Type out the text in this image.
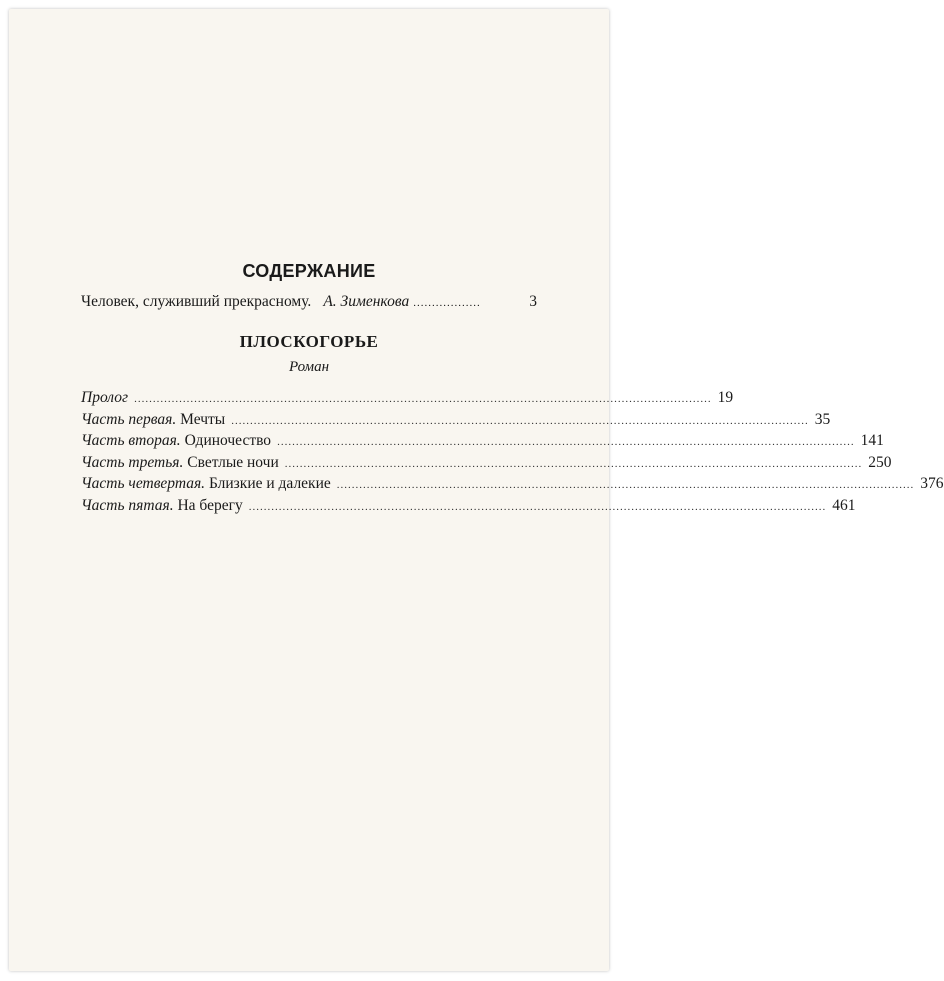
СОДЕРЖАНИЕ
Человек, служивший прекрасному. А. Зименкова ..................	3
ПЛОСКОГОРЬЕ
Роман
Пролог .......................................................................................................................................................... 19
Часть первая. Мечты .......................................................................................................................................................... 35
Часть вторая. Одиночество .......................................................................................................................................................... 141
Часть третья. Светлые ночи .......................................................................................................................................................... 250
Часть четвертая. Близкие и далекие .......................................................................................................................................................... 376
Часть пятая. На берегу .......................................................................................................................................................... 461
